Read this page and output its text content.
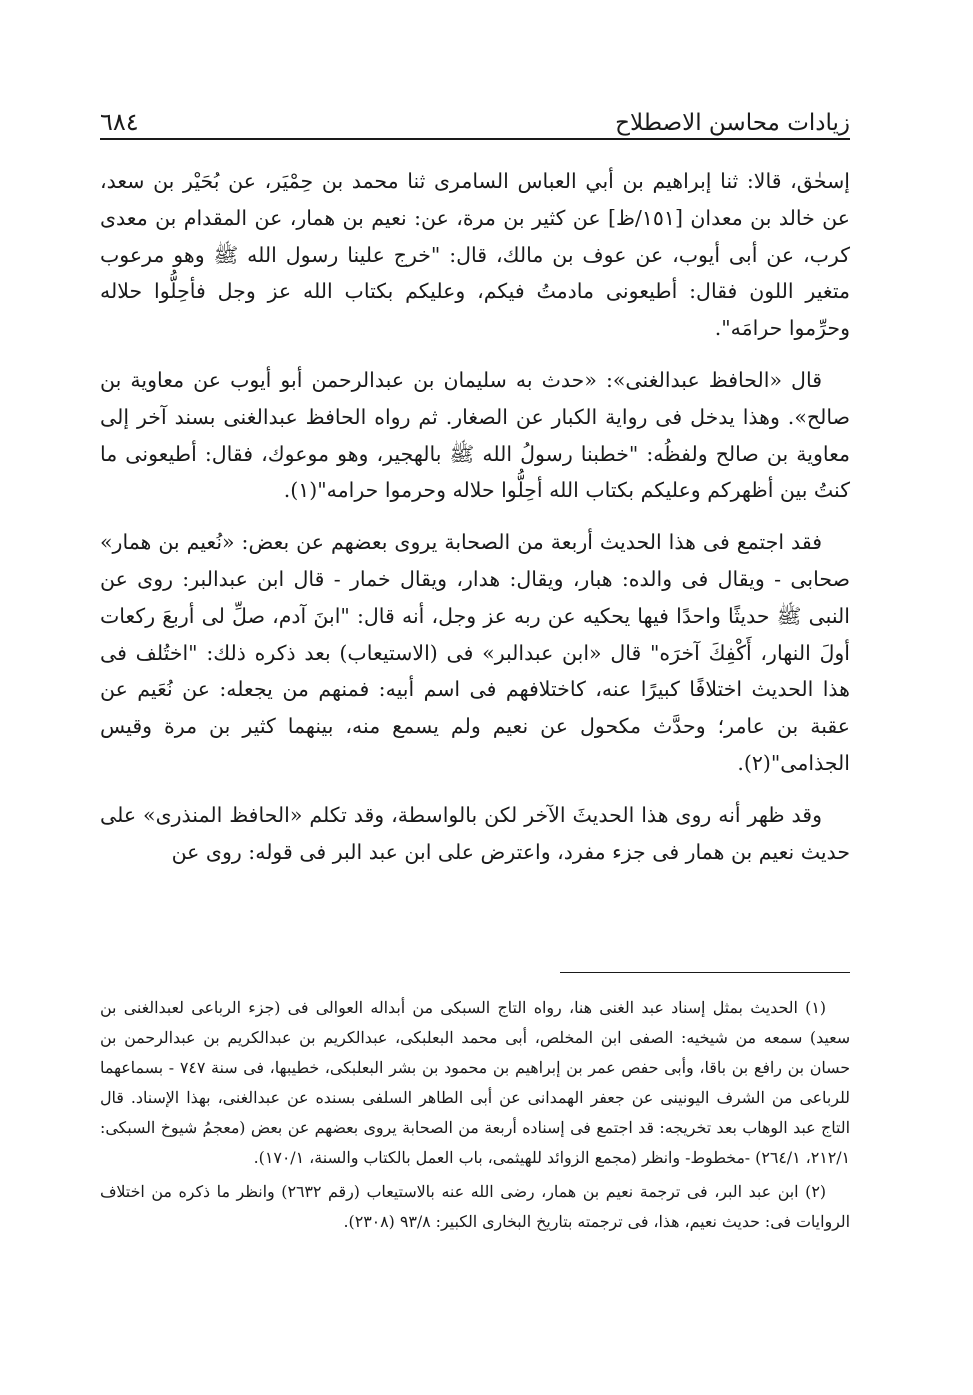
٦٨٤	زيادات محاسن الاصطلاح

إسحٰق، قالا: ثنا إبراهيم بن أبي العباس السامرى ثنا محمد بن حِمْيَر، عن بُحَيْر بن سعد، عن خالد بن معدان [١٥١/ظ] عن كثير بن مرة، عن: نعيم بن همار، عن المقدام بن معدى كرب، عن أبى أيوب، عن عوف بن مالك، قال: "خرج علينا رسول الله ﷺ وهو مرعوب متغير اللون فقال: أطيعونى مادمتُ فيكم، وعليكم بكتاب الله عز وجل فأحِلُّوا حلاله وحرِّموا حرامَه".

قال «الحافظ عبدالغنى»: «حدث به سليمان بن عبدالرحمن أبو أيوب عن معاوية بن صالح». وهذا يدخل فى رواية الكبار عن الصغار. ثم رواه الحافظ عبدالغنى بسند آخر إلى معاوية بن صالح ولفظُه: "خطبنا رسولُ الله ﷺ بالهجير، وهو موعوك، فقال: أطيعونى ما كنتُ بين أظهركم وعليكم بكتاب الله أحِلُّوا حلاله وحرموا حرامه"(١).

فقد اجتمع فى هذا الحديث أربعة من الصحابة يروى بعضهم عن بعض: «نُعيم بن همار» صحابى - ويقال فى والده: هبار، ويقال: هدار، ويقال خمار - قال ابن عبدالبر: روى عن النبى ﷺ حديثًا واحدًا فيها يحكيه عن ربه عز وجل، أنه قال: "ابنَ آدم، صلِّ لى أربعَ ركعات أولَ النهار، أَكْفِكَ آخرَه" قال «ابن عبدالبر» فى (الاستيعاب) بعد ذكره ذلك: "اختُلف فى هذا الحديث اختلافًا كبيرًا عنه، كاختلافهم فى اسم أبيه: فمنهم من يجعله: عن نُعَيم عن عقبة بن عامر؛ وحدَّث مكحول عن نعيم ولم يسمع منه، بينهما كثير بن مرة وقيس الجذامى"(٢).

وقد ظهر أنه روى هذا الحديثَ الآخر لكن بالواسطة، وقد تكلم «الحافظ المنذرى» على حديث نعيم بن همار فى جزء مفرد، واعترض على ابن عبد البر فى قوله: روى عن

(١) الحديث بمثل إسناد عبد الغنى هنا، رواه التاج السبكى من أبداله العوالى فى (جزء الرباعى لعبدالغنى بن سعيد) سمعه من شيخيه: الصفى ابن المخلص، أبى محمد البعلبكى، عبدالكريم بن عبدالكريم بن عبدالرحمن بن حسان بن رافع بن باقا، وأبى حفص عمر بن إبراهيم بن محمود بن بشر البعلبكى، خطيبها، فى سنة ٧٤٧ - بسماعهما للرباعى من الشرف اليونينى عن جعفر الهمدانى عن أبى الطاهر السلفى بسنده عن عبدالغنى، بهذا الإسناد. قال التاج عبد الوهاب بعد تخريجه: قد اجتمع فى إسناده أربعة من الصحابة يروى بعضهم عن بعض (معجمُ شيوخ السبكى: ٢١٢/١، ٢٦٤/١) -مخطوط- وانظر (مجمع الزوائد للهيثمى، باب العمل بالكتاب والسنة، ١٧٠/١).

(٢) ابن عبد البر، فى ترجمة نعيم بن همار، رضى الله عنه بالاستيعاب (رقم ٢٦٣٢) وانظر ما ذكره من اختلاف الروايات فى: حديث نعيم، هذا، فى ترجمته بتاريخ البخارى الكبير: ٩٣/٨ (٢٣٠٨).
